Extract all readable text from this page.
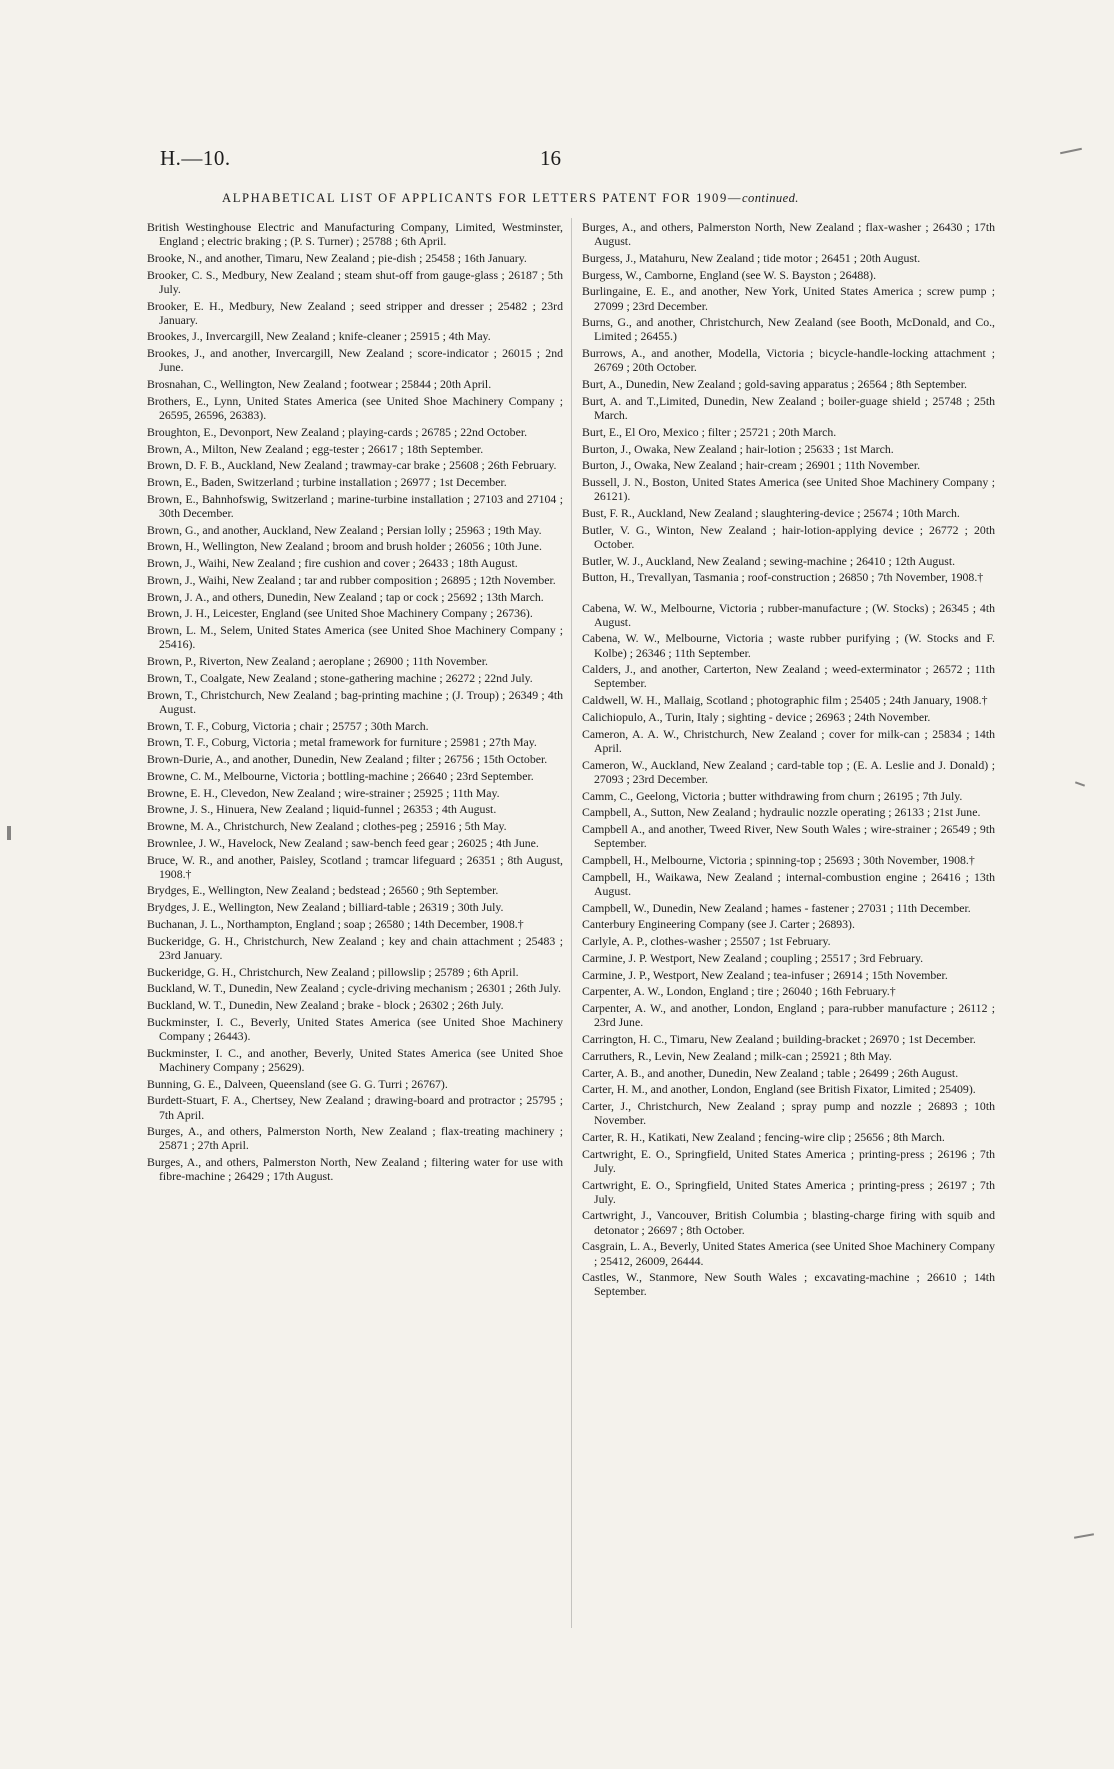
H.—10.	16
ALPHABETICAL LIST OF APPLICANTS FOR LETTERS PATENT FOR 1909—continued.
British Westinghouse Electric and Manufacturing Company, Limited, Westminster, England ; electric braking ; (P. S. Turner) ; 25788 ; 6th April.
Brooke, N., and another, Timaru, New Zealand ; pie-dish ; 25458 ; 16th January.
Brooker, C. S., Medbury, New Zealand ; steam shut-off from gauge-glass ; 26187 ; 5th July.
Brooker, E. H., Medbury, New Zealand ; seed stripper and dresser ; 25482 ; 23rd January.
Brookes, J., Invercargill, New Zealand ; knife-cleaner ; 25915 ; 4th May.
Brookes, J., and another, Invercargill, New Zealand ; score-indicator ; 26015 ; 2nd June.
Brosnahan, C., Wellington, New Zealand ; footwear ; 25844 ; 20th April.
Brothers, E., Lynn, United States America (see United Shoe Machinery Company ; 26595, 26596, 26383).
Broughton, E., Devonport, New Zealand ; playing-cards ; 26785 ; 22nd October.
Brown, A., Milton, New Zealand ; egg-tester ; 26617 ; 18th September.
Brown, D. F. B., Auckland, New Zealand ; trawmay-car brake ; 25608 ; 26th February.
Brown, E., Baden, Switzerland ; turbine installation ; 26977 ; 1st December.
Brown, E., Bahnhofswig, Switzerland ; marine-turbine installation ; 27103 and 27104 ; 30th December.
Brown, G., and another, Auckland, New Zealand ; Persian lolly ; 25963 ; 19th May.
Brown, H., Wellington, New Zealand ; broom and brush holder ; 26056 ; 10th June.
Brown, J., Waihi, New Zealand ; fire cushion and cover ; 26433 ; 18th August.
Brown, J., Waihi, New Zealand ; tar and rubber composition ; 26895 ; 12th November.
Brown, J. A., and others, Dunedin, New Zealand ; tap or cock ; 25692 ; 13th March.
Brown, J. H., Leicester, England (see United Shoe Machinery Company ; 26736).
Brown, L. M., Selem, United States America (see United Shoe Machinery Company ; 25416).
Brown, P., Riverton, New Zealand ; aeroplane ; 26900 ; 11th November.
Brown, T., Coalgate, New Zealand ; stone-gathering machine ; 26272 ; 22nd July.
Brown, T., Christchurch, New Zealand ; bag-printing machine ; (J. Troup) ; 26349 ; 4th August.
Brown, T. F., Coburg, Victoria ; chair ; 25757 ; 30th March.
Brown, T. F., Coburg, Victoria ; metal framework for furniture ; 25981 ; 27th May.
Brown-Durie, A., and another, Dunedin, New Zealand ; filter ; 26756 ; 15th October.
Browne, C. M., Melbourne, Victoria ; bottling-machine ; 26640 ; 23rd September.
Browne, E. H., Clevedon, New Zealand ; wire-strainer ; 25925 ; 11th May.
Browne, J. S., Hinuera, New Zealand ; liquid-funnel ; 26353 ; 4th August.
Browne, M. A., Christchurch, New Zealand ; clothes-peg ; 25916 ; 5th May.
Brownlee, J. W., Havelock, New Zealand ; saw-bench feed gear ; 26025 ; 4th June.
Bruce, W. R., and another, Paisley, Scotland ; tramcar lifeguard ; 26351 ; 8th August, 1908.†
Brydges, E., Wellington, New Zealand ; bedstead ; 26560 ; 9th September.
Brydges, J. E., Wellington, New Zealand ; billiard-table ; 26319 ; 30th July.
Buchanan, J. L., Northampton, England ; soap ; 26580 ; 14th December, 1908.†
Buckeridge, G. H., Christchurch, New Zealand ; key and chain attachment ; 25483 ; 23rd January.
Buckeridge, G. H., Christchurch, New Zealand ; pillowslip ; 25789 ; 6th April.
Buckland, W. T., Dunedin, New Zealand ; cycle-driving mechanism ; 26301 ; 26th July.
Buckland, W. T., Dunedin, New Zealand ; brake - block ; 26302 ; 26th July.
Buckminster, I. C., Beverly, United States America (see United Shoe Machinery Company ; 26443).
Buckminster, I. C., and another, Beverly, United States America (see United Shoe Machinery Company ; 25629).
Bunning, G. E., Dalveen, Queensland (see G. G. Turri ; 26767).
Burdett-Stuart, F. A., Chertsey, New Zealand ; drawing-board and protractor ; 25795 ; 7th April.
Burges, A., and others, Palmerston North, New Zealand ; flax-treating machinery ; 25871 ; 27th April.
Burges, A., and others, Palmerston North, New Zealand ; filtering water for use with fibre-machine ; 26429 ; 17th August.
Burges, A., and others, Palmerston North, New Zealand ; flax-washer ; 26430 ; 17th August.
Burgess, J., Matahuru, New Zealand ; tide motor ; 26451 ; 20th August.
Burgess, W., Camborne, England (see W. S. Bayston ; 26488).
Burlingaine, E. E., and another, New York, United States America ; screw pump ; 27099 ; 23rd December.
Burns, G., and another, Christchurch, New Zealand (see Booth, McDonald, and Co., Limited ; 26455.)
Burrows, A., and another, Modella, Victoria ; bicycle-handle-locking attachment ; 26769 ; 20th October.
Burt, A., Dunedin, New Zealand ; gold-saving apparatus ; 26564 ; 8th September.
Burt, A. and T.,Limited, Dunedin, New Zealand ; boiler-guage shield ; 25748 ; 25th March.
Burt, E., El Oro, Mexico ; filter ; 25721 ; 20th March.
Burton, J., Owaka, New Zealand ; hair-lotion ; 25633 ; 1st March.
Burton, J., Owaka, New Zealand ; hair-cream ; 26901 ; 11th November.
Bussell, J. N., Boston, United States America (see United Shoe Machinery Company ; 26121).
Bust, F. R., Auckland, New Zealand ; slaughtering-device ; 25674 ; 10th March.
Butler, V. G., Winton, New Zealand ; hair-lotion-applying device ; 26772 ; 20th October.
Butler, W. J., Auckland, New Zealand ; sewing-machine ; 26410 ; 12th August.
Button, H., Trevallyan, Tasmania ; roof-construction ; 26850 ; 7th November, 1908.†
Cabena, W. W., Melbourne, Victoria ; rubber-manufacture ; (W. Stocks) ; 26345 ; 4th August.
Cabena, W. W., Melbourne, Victoria ; waste rubber purifying ; (W. Stocks and F. Kolbe) ; 26346 ; 11th September.
Calders, J., and another, Carterton, New Zealand ; weed-exterminator ; 26572 ; 11th September.
Caldwell, W. H., Mallaig, Scotland ; photographic film ; 25405 ; 24th January, 1908.†
Calichiopulo, A., Turin, Italy ; sighting - device ; 26963 ; 24th November.
Cameron, A. A. W., Christchurch, New Zealand ; cover for milk-can ; 25834 ; 14th April.
Cameron, W., Auckland, New Zealand ; card-table top ; (E. A. Leslie and J. Donald) ; 27093 ; 23rd December.
Camm, C., Geelong, Victoria ; butter withdrawing from churn ; 26195 ; 7th July.
Campbell, A., Sutton, New Zealand ; hydraulic nozzle operating ; 26133 ; 21st June.
Campbell A., and another, Tweed River, New South Wales ; wire-strainer ; 26549 ; 9th September.
Campbell, H., Melbourne, Victoria ; spinning-top ; 25693 ; 30th November, 1908.†
Campbell, H., Waikawa, New Zealand ; internal-combustion engine ; 26416 ; 13th August.
Campbell, W., Dunedin, New Zealand ; hames - fastener ; 27031 ; 11th December.
Canterbury Engineering Company (see J. Carter ; 26893).
Carlyle, A. P., clothes-washer ; 25507 ; 1st February.
Carmine, J. P. Westport, New Zealand ; coupling ; 25517 ; 3rd February.
Carmine, J. P., Westport, New Zealand ; tea-infuser ; 26914 ; 15th November.
Carpenter, A. W., London, England ; tire ; 26040 ; 16th February.†
Carpenter, A. W., and another, London, England ; para-rubber manufacture ; 26112 ; 23rd June.
Carrington, H. C., Timaru, New Zealand ; building-bracket ; 26970 ; 1st December.
Carruthers, R., Levin, New Zealand ; milk-can ; 25921 ; 8th May.
Carter, A. B., and another, Dunedin, New Zealand ; table ; 26499 ; 26th August.
Carter, H. M., and another, London, England (see British Fixator, Limited ; 25409).
Carter, J., Christchurch, New Zealand ; spray pump and nozzle ; 26893 ; 10th November.
Carter, R. H., Katikati, New Zealand ; fencing-wire clip ; 25656 ; 8th March.
Cartwright, E. O., Springfield, United States America ; printing-press ; 26196 ; 7th July.
Cartwright, E. O., Springfield, United States America ; printing-press ; 26197 ; 7th July.
Cartwright, J., Vancouver, British Columbia ; blasting-charge firing with squib and detonator ; 26697 ; 8th October.
Casgrain, L. A., Beverly, United States America (see United Shoe Machinery Company ; 25412, 26009, 26444.
Castles, W., Stanmore, New South Wales ; excavating-machine ; 26610 ; 14th September.
